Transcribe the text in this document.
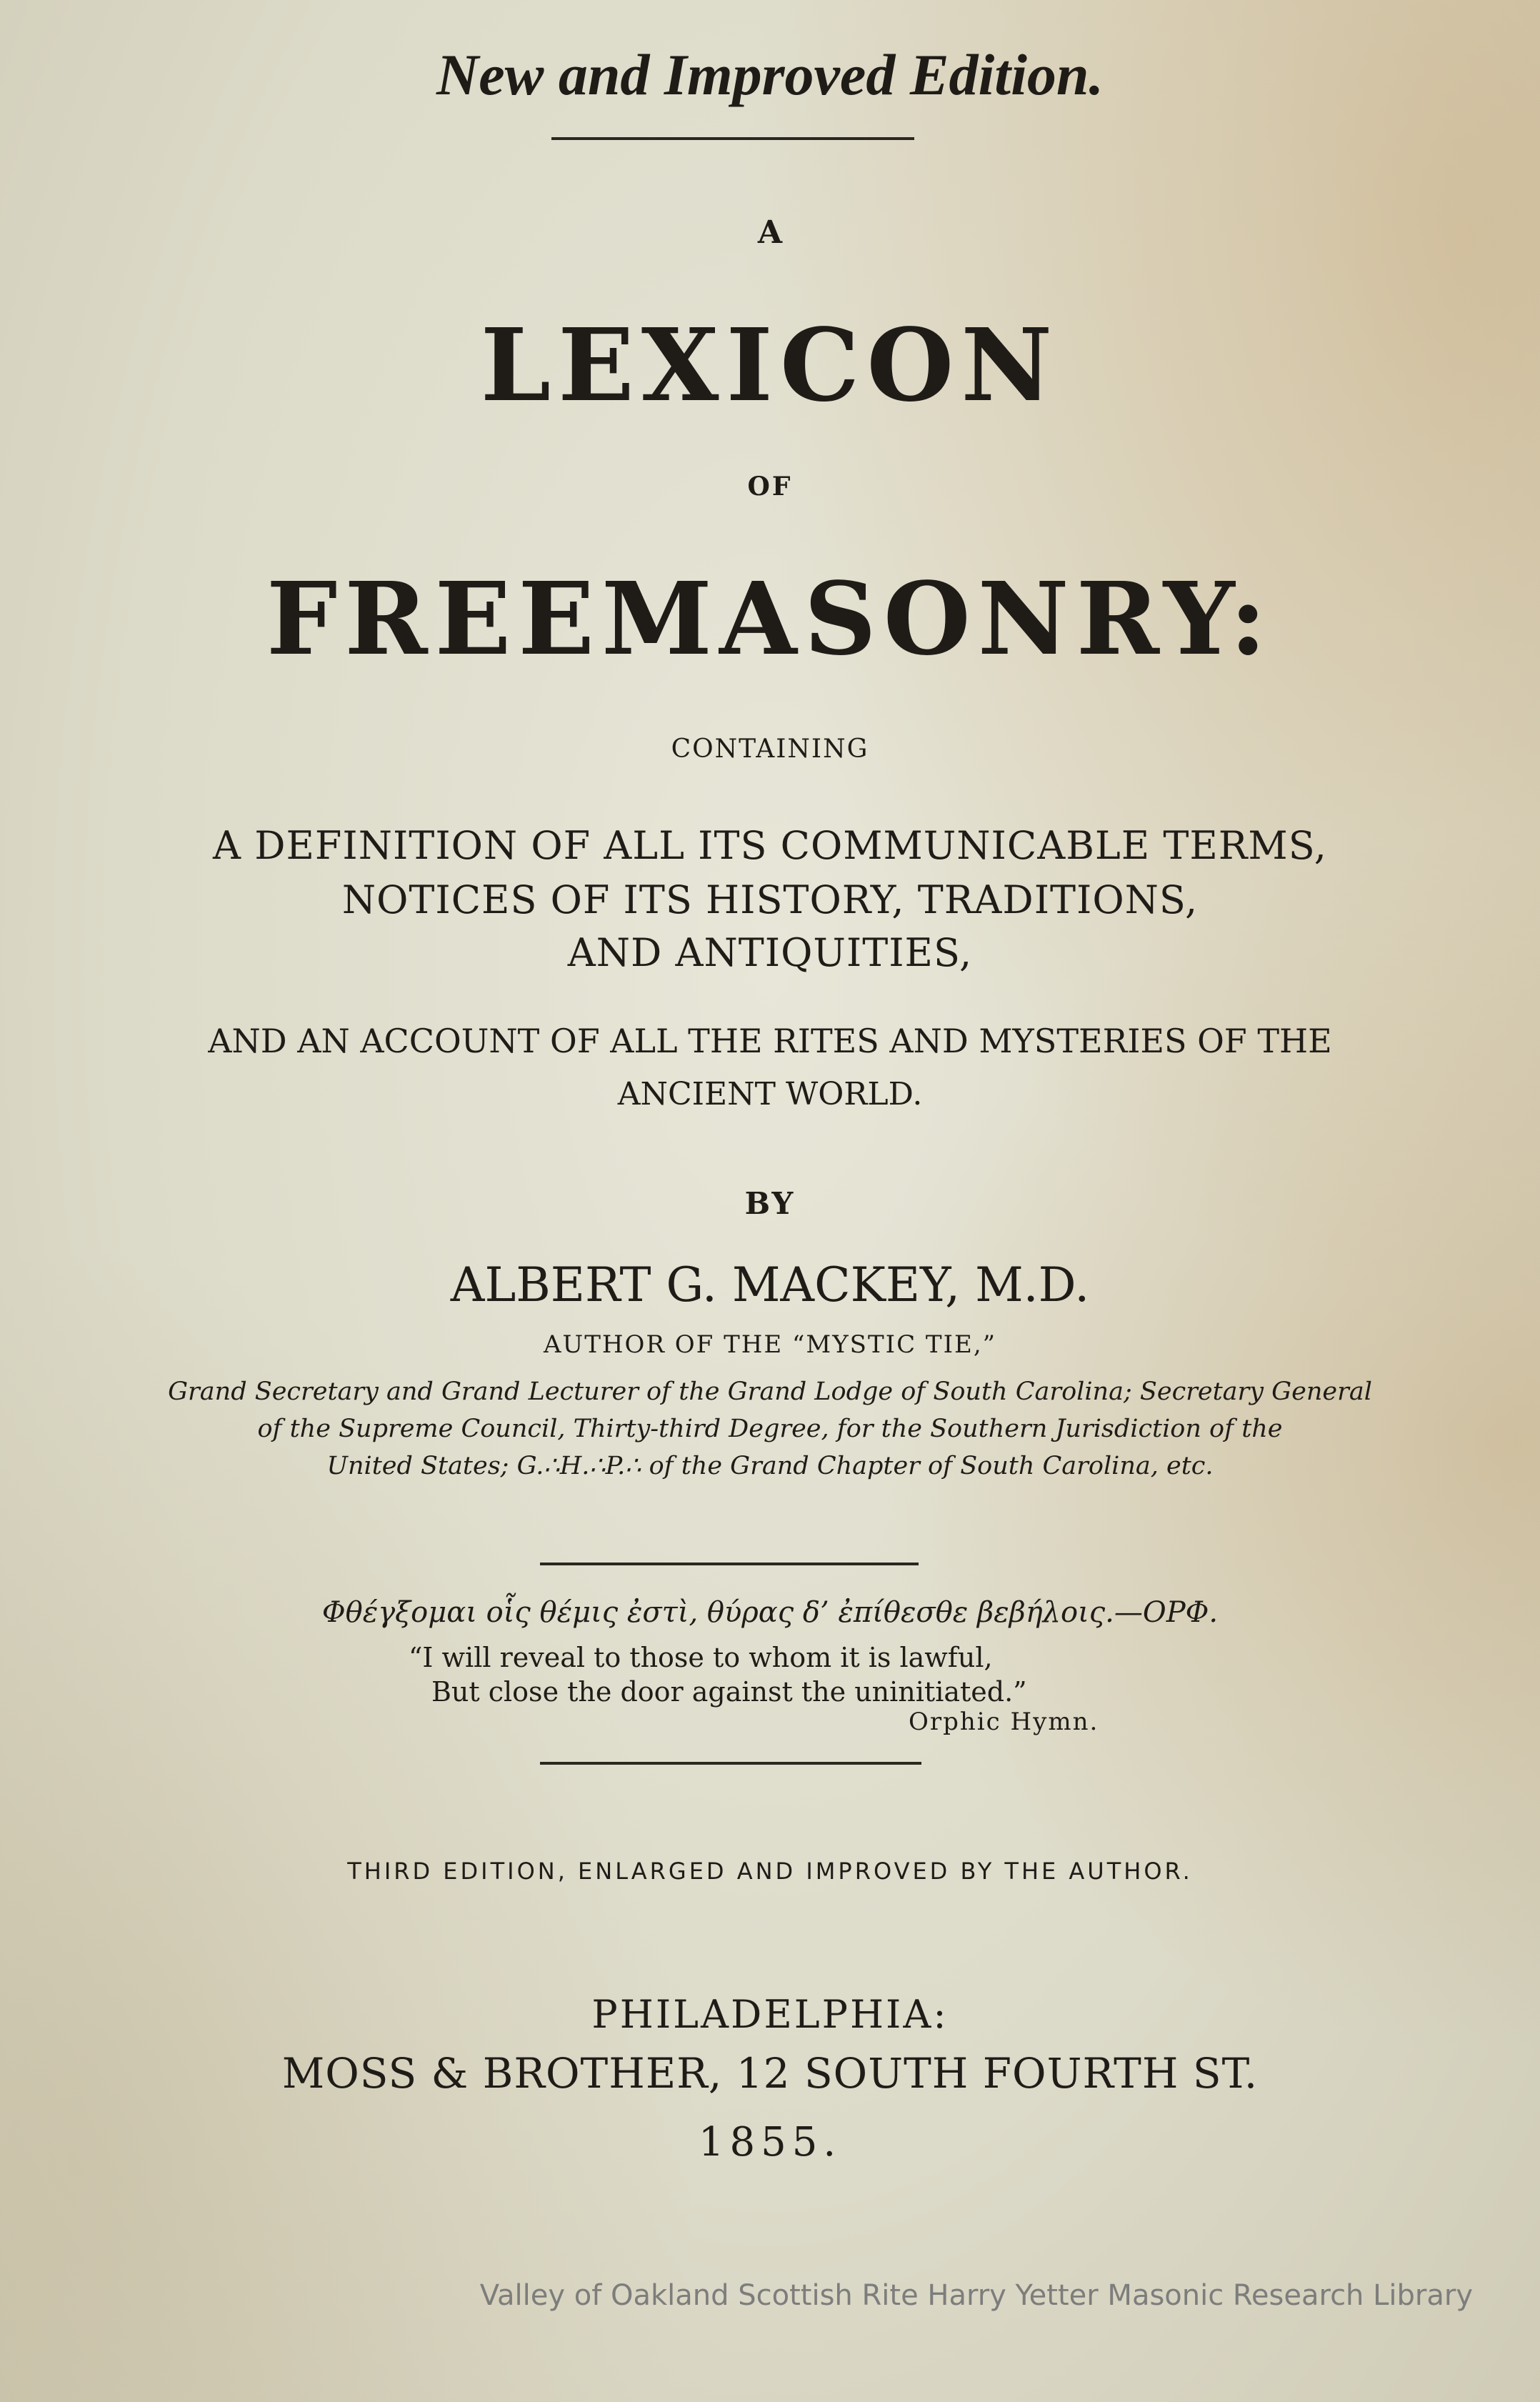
New and Improved Edition.
A
LEXICON
OF
FREEMASONRY:
CONTAINING
A DEFINITION OF ALL ITS COMMUNICABLE TERMS,
NOTICES OF ITS HISTORY, TRADITIONS,
AND ANTIQUITIES,
AND AN ACCOUNT OF ALL THE RITES AND MYSTERIES OF THE
ANCIENT WORLD.
BY
ALBERT G. MACKEY, M.D.
AUTHOR OF THE “MYSTIC TIE,”
Grand Secretary and Grand Lecturer of the Grand Lodge of South Carolina; Secretary General
of the Supreme Council, Thirty-third Degree, for the Southern Jurisdiction of the
United States; G.∴H.∴P.∴ of the Grand Chapter of South Carolina, etc.
Φθέγξομαι οἷς θέμις ἐστὶ, θύρας δ’ ἐπίθεσθε βεβήλοις.—ΟΡΦ.
“I will reveal to those to whom it is lawful,
But close the door against the uninitiated.”
Orphic Hymn.
THIRD EDITION, ENLARGED AND IMPROVED BY THE AUTHOR.
PHILADELPHIA:
MOSS & BROTHER, 12 SOUTH FOURTH ST.
1855.
Valley of Oakland Scottish Rite Harry Yetter Masonic Research Library
